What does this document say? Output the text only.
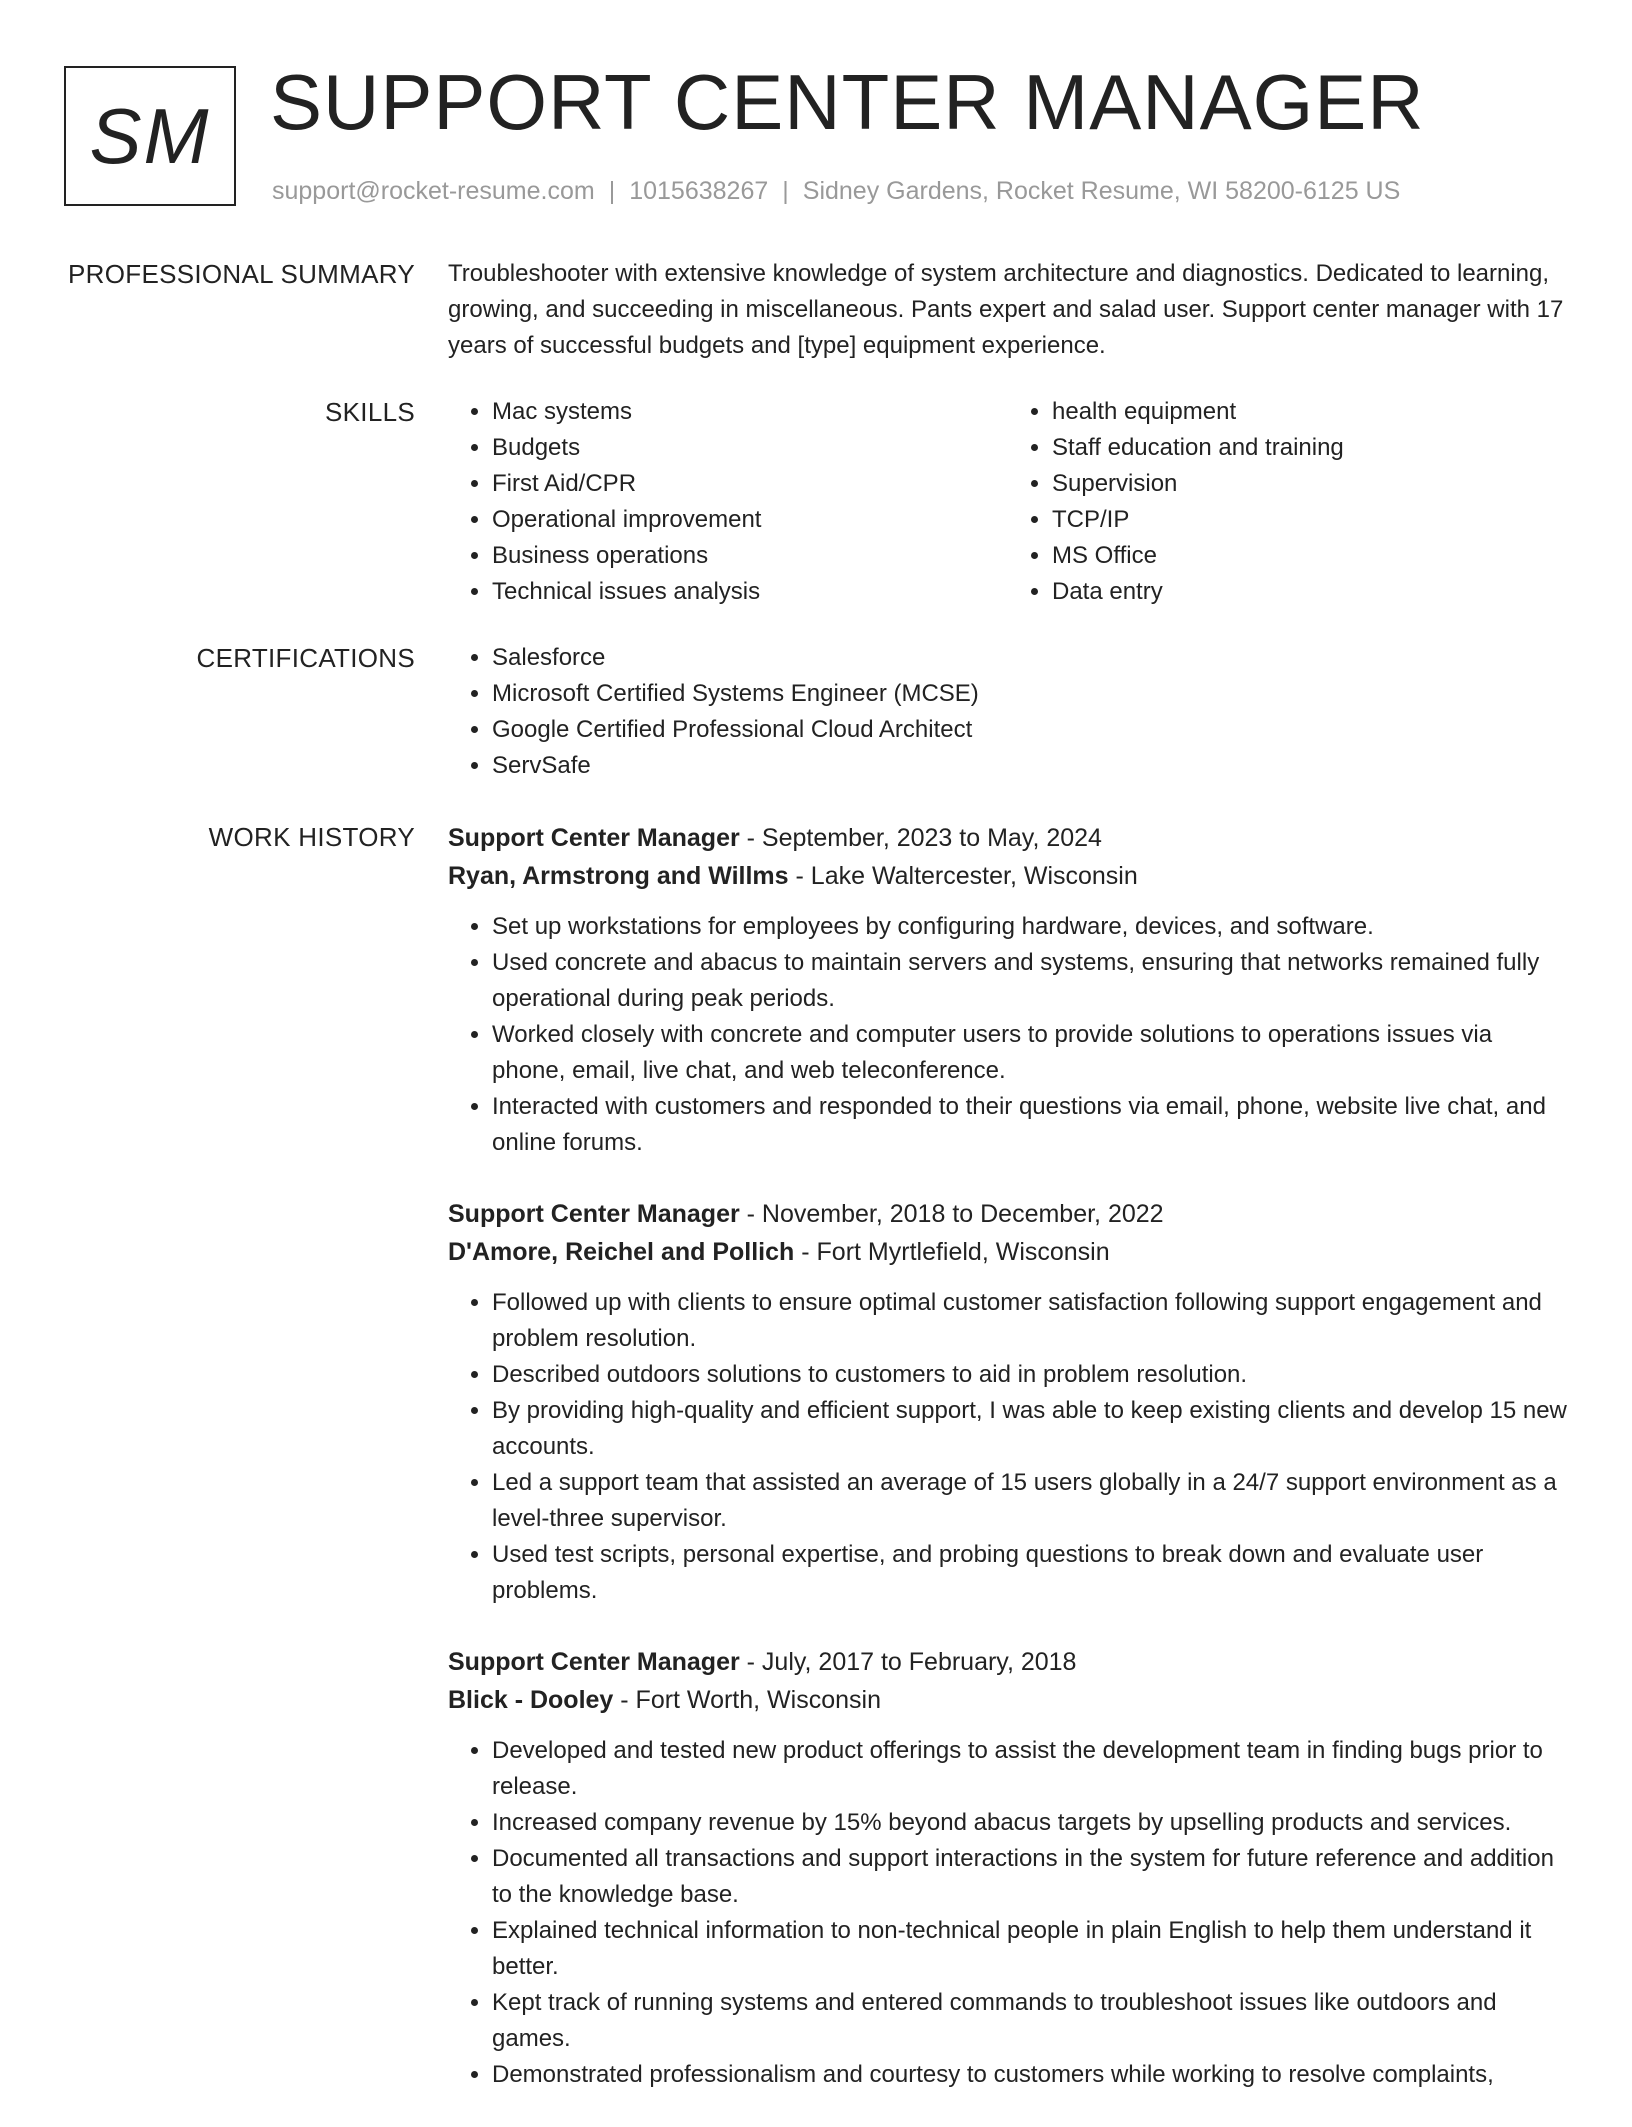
SM SUPPORT CENTER MANAGER
support@rocket-resume.com | 1015638267 | Sidney Gardens, Rocket Resume, WI 58200-6125 US
PROFESSIONAL SUMMARY Troubleshooter with extensive knowledge of system architecture and diagnostics. Dedicated to learning, growing, and succeeding in miscellaneous. Pants expert and salad user. Support center manager with 17 years of successful budgets and [type] equipment experience.

SKILLS	• Mac systems
• Budgets
• First Aid/CPR
• Operational improvement
• Business operations
• Technical issues analysis
• health equipment
• Staff education and training
• Supervision
• TCP/IP
• MS Office
• Data entry
CERTIFICATIONS	• Salesforce
• Microsoft Certified Systems Engineer (MCSE)
• Google Certified Professional Cloud Architect
• ServSafe
WORK HISTORY Support Center Manager - September, 2023 to May, 2024
Ryan, Armstrong and Willms - Lake Waltercester, Wisconsin
• Set up workstations for employees by configuring hardware, devices, and software.
• Used concrete and abacus to maintain servers and systems, ensuring that networks remained fully operational during peak periods.
• Worked closely with concrete and computer users to provide solutions to operations issues via phone, email, live chat, and web teleconference.
• Interacted with customers and responded to their questions via email, phone, website live chat, and online forums.
Support Center Manager - November, 2018 to December, 2022
D'Amore, Reichel and Pollich - Fort Myrtlefield, Wisconsin
• Followed up with clients to ensure optimal customer satisfaction following support engagement and problem resolution.
• Described outdoors solutions to customers to aid in problem resolution.
• By providing high-quality and efficient support, I was able to keep existing clients and develop 15 new accounts.
• Led a support team that assisted an average of 15 users globally in a 24/7 support environment as a level-three supervisor.
• Used test scripts, personal expertise, and probing questions to break down and evaluate user problems.
Support Center Manager - July, 2017 to February, 2018
Blick - Dooley - Fort Worth, Wisconsin
• Developed and tested new product offerings to assist the development team in finding bugs prior to release.
• Increased company revenue by 15% beyond abacus targets by upselling products and services.
• Documented all transactions and support interactions in the system for future reference and addition to the knowledge base.
• Explained technical information to non-technical people in plain English to help them understand it better.
• Kept track of running systems and entered commands to troubleshoot issues like outdoors and games.
• Demonstrated professionalism and courtesy to customers while working to resolve complaints,
